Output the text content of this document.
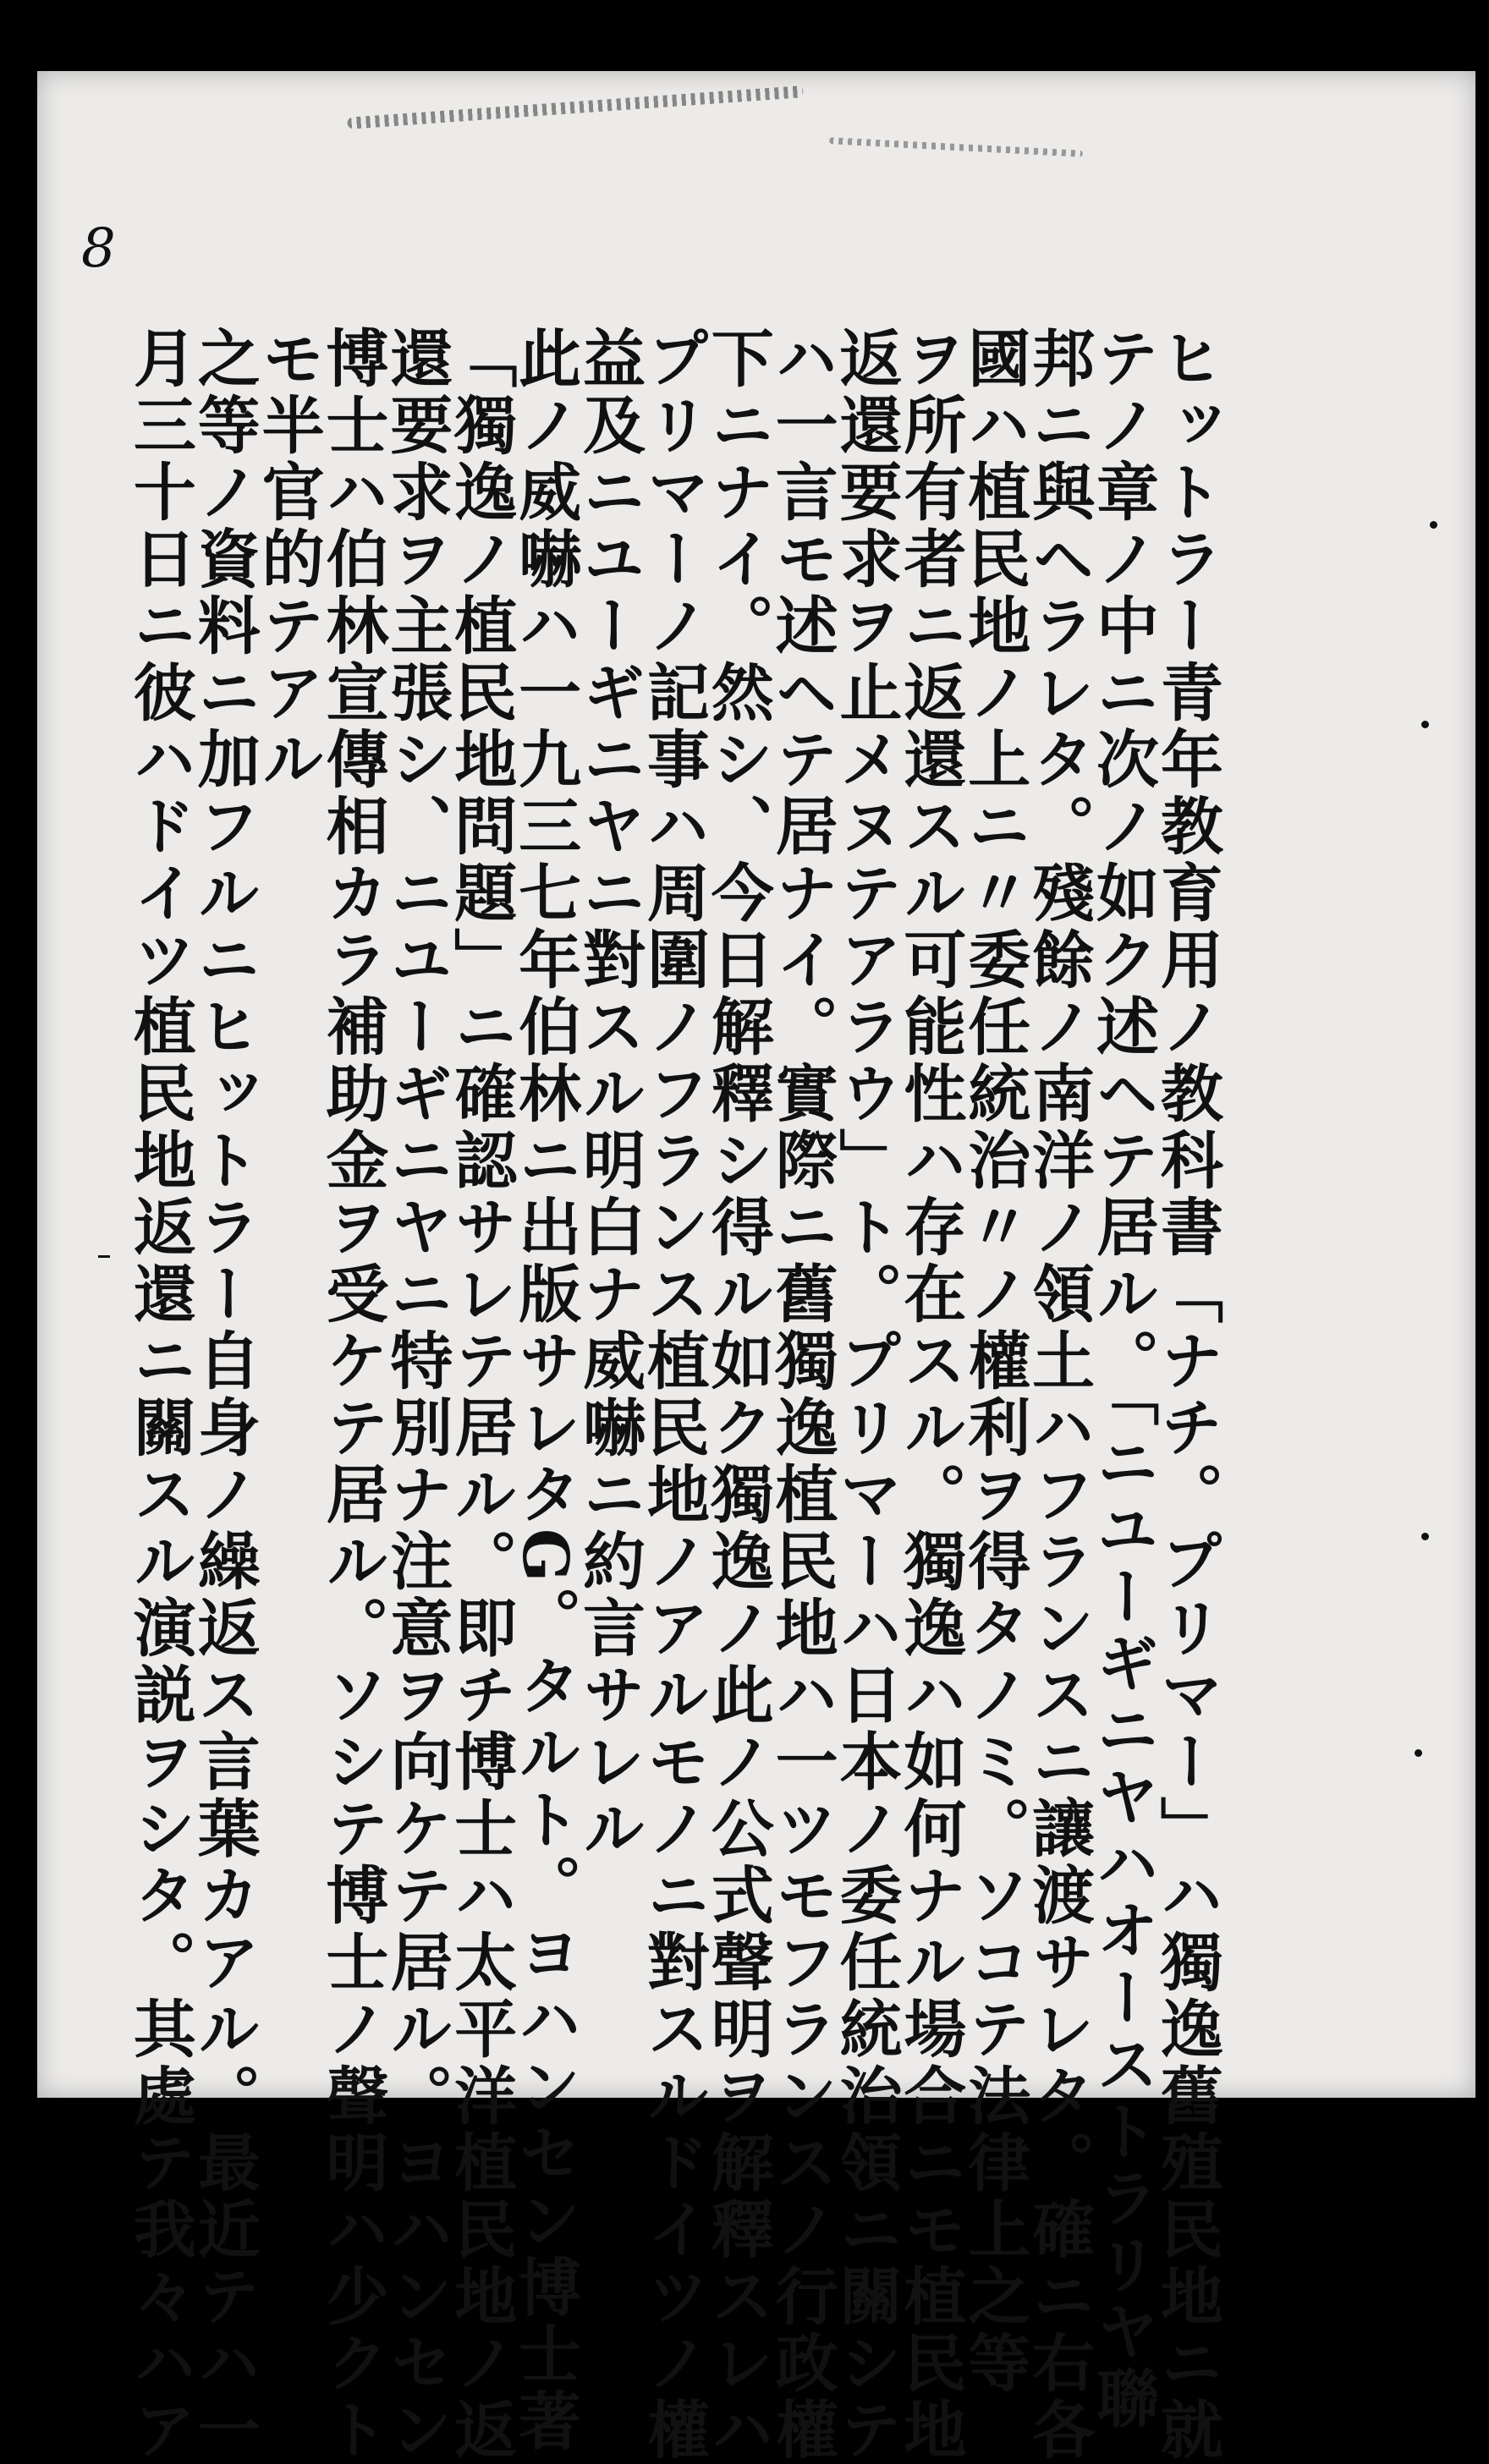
8
ヒットラー青年教育用ノ教科書「ナチ。プリマー」ハ獨逸舊殖民地ニ就
テノ章ノ中ニ次ノ如ク述ヘテ居ル。「ニユーギニヤハオーストラリヤ聯
邦ニ與ヘラレタ。殘餘ノ南洋ノ領土ハフランスニ讓渡サレタ。確ニ右各
國ハ植民地ノ上ニ〃委任統治〃ノ權利ヲ得タノミ。ソコテ法律上之等
ヲ所有者ニ返還スル可能性ハ存在スル。獨逸ハ如何ナル場合ニモ植民地
返還要求ヲ止メヌテアラウ」ト。プリマーハ日本ノ委任統治領ニ關シテ
ハ一言モ述ヘテ居ナイ。實際ニ舊獨逸植民地ハ一ツモフランスノ行政權
下ニナイ。然シ、今日解釋シ得ル如ク獨逸ノ此ノ公式聲明ヲ解釋スレハ
プリマーノ記事ハ周圍ノフランス植民地ノアルモノニ對スルドイツノ權
益及ニユーギニヤニ對スル明白ナ威嚇ニ約言サレル
此ノ威嚇ハ一九三七年伯林ニ出版サレタG。タルト。ヨハンセン博士著
「獨逸ノ植民地問題」ニ確認サレテ居ル。即チ博士ハ太平洋植民地ノ返
還要求ヲ主張シ、ニユーギニヤニ特別ナ注意ヲ向ケテ居ル。ヨハンセン
博士ハ伯林宣傳相カラ補助金ヲ受ケテ居ル。ソシテ博士ノ聲明ハ少クト
モ半官的テアル
之等ノ資料ニ加フルニヒットラー自身ノ繰返ス言葉カアル。最近テハ一
月三十日ニ彼ハドイツ植民地返還ニ關スル演説ヲシタ。其處テ我々ハア
